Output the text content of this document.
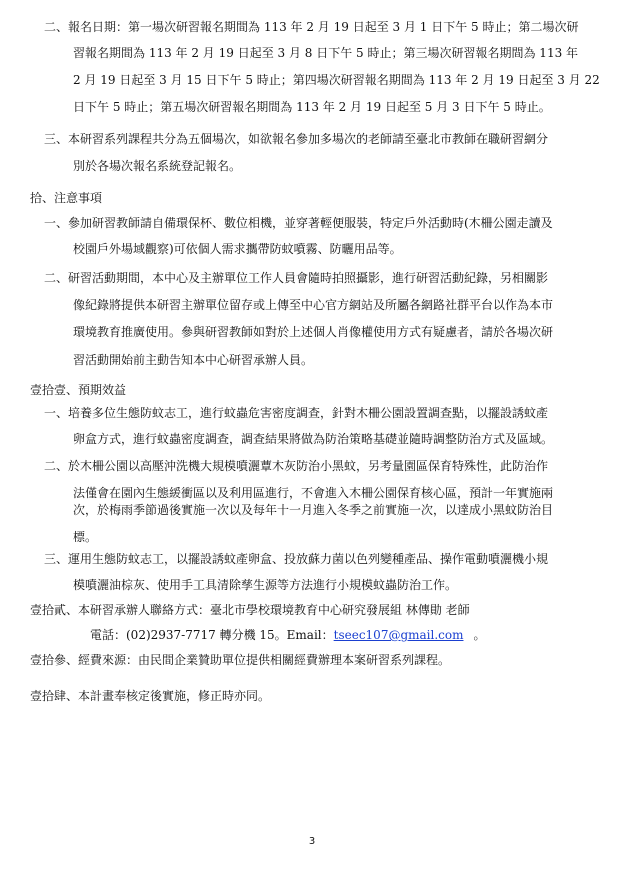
二、報名日期：第一場次研習報名期間為 113 年 2 月 19 日起至 3 月 1 日下午 5 時止；第二場次研
習報名期間為 113 年 2 月 19 日起至 3 月 8 日下午 5 時止；第三場次研習報名期間為 113 年
2 月 19 日起至 3 月 15 日下午 5 時止；第四場次研習報名期間為 113 年 2 月 19 日起至 3 月 22
日下午 5 時止；第五場次研習報名期間為 113 年 2 月 19 日起至 5 月 3 日下午 5 時止。
三、本研習系列課程共分為五個場次，如欲報名參加多場次的老師請至臺北市教師在職研習網分
別於各場次報名系統登記報名。
拾、注意事項
一、參加研習教師請自備環保杯、數位相機，並穿著輕便服裝，特定戶外活動時(木柵公園走讀及
校園戶外場域觀察)可依個人需求攜帶防蚊噴霧、防曬用品等。
二、研習活動期間，本中心及主辦單位工作人員會隨時拍照攝影，進行研習活動紀錄，另相關影
像紀錄將提供本研習主辦單位留存或上傳至中心官方網站及所屬各網路社群平台以作為本市
環境教育推廣使用。參與研習教師如對於上述個人肖像權使用方式有疑慮者，請於各場次研
習活動開始前主動告知本中心研習承辦人員。
壹拾壹、預期效益
一、培養多位生態防蚊志工，進行蚊蟲危害密度調查，針對木柵公園設置調查點，以擺設誘蚊產
卵盒方式，進行蚊蟲密度調查，調查結果將做為防治策略基礎並隨時調整防治方式及區域。
二、於木柵公園以高壓沖洗機大規模噴灑蕈木灰防治小黑蚊，另考量園區保育特殊性，此防治作
法僅會在園內生態緩衝區以及利用區進行，不會進入木柵公園保育核心區，預計一年實施兩
次，於梅雨季節過後實施一次以及每年十一月進入冬季之前實施一次，以達成小黑蚊防治目
標。
三、運用生態防蚊志工，以擺設誘蚊產卵盒、投放蘇力菌以色列變種產品、操作電動噴灑機小規
模噴灑油棕灰、使用手工具清除孳生源等方法進行小規模蚊蟲防治工作。
壹拾貳、本研習承辦人聯絡方式：臺北市學校環境教育中心研究發展組 林傳勛 老師
電話：(02)2937-7717 轉分機 15。Email：tseec107@gmail.com 。
壹拾參、經費來源：由民間企業贊助單位提供相關經費辦理本案研習系列課程。
壹拾肆、本計畫奉核定後實施，修正時亦同。
3
